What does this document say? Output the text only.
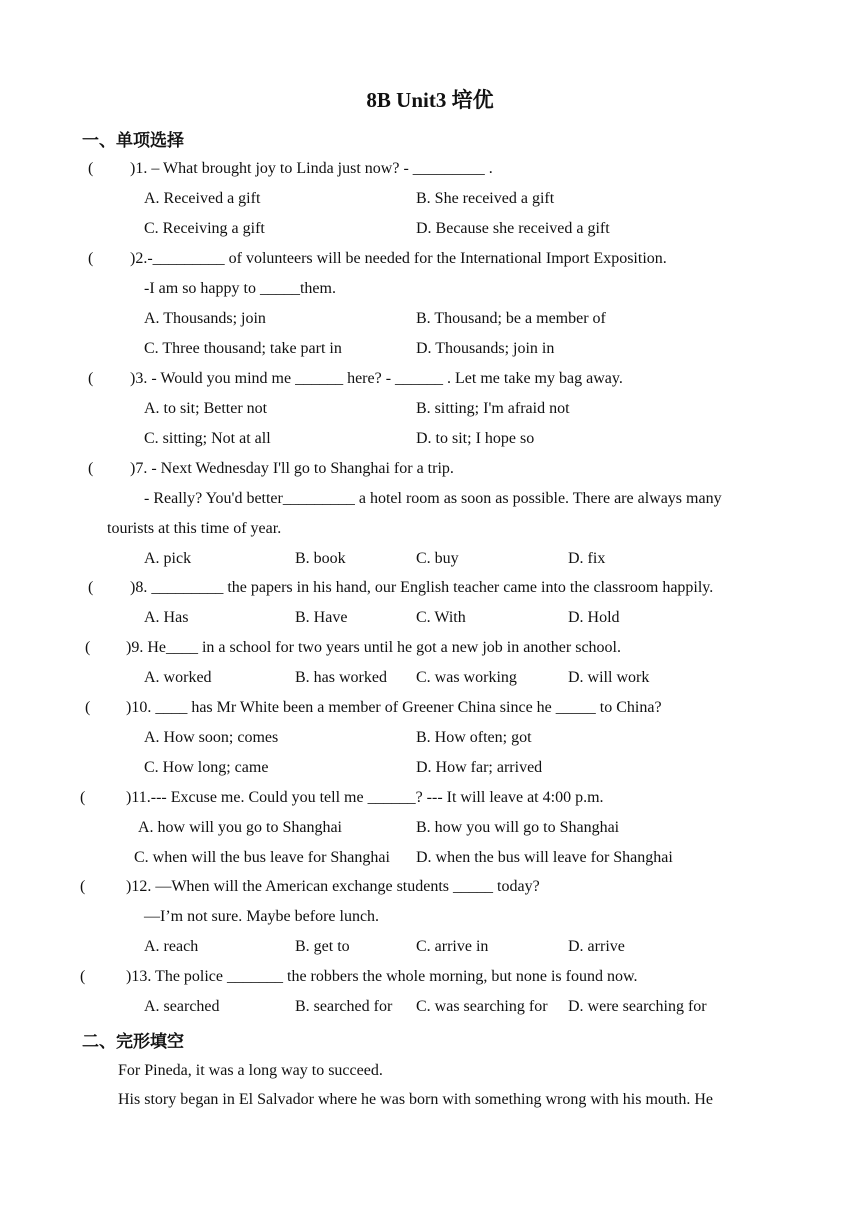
8B Unit3 培优
一、单项选择
( )1. – What brought joy to Linda just now? - _________ .
A. Received a gift	B. She received a gift
C. Receiving a gift	D. Because she received a gift
( )2.-_________ of volunteers will be needed for the International Import Exposition.
-I am so happy to _____them.
A. Thousands; join	B. Thousand; be a member of
C. Three thousand; take part in	D. Thousands; join in
( )3. - Would you mind me ______ here? - ______ . Let me take my bag away.
A. to sit; Better not	B. sitting; I'm afraid not
C. sitting; Not at all	D. to sit; I hope so
( )7. - Next Wednesday I'll go to Shanghai for a trip.
- Really? You'd better_________ a hotel room as soon as possible. There are always many
tourists at this time of year.
A. pick	B. book	C. buy	D. fix
( )8. _________ the papers in his hand, our English teacher came into the classroom happily.
A. Has	B. Have	C. With	D. Hold
( )9. He____ in a school for two years until he got a new job in another school.
A. worked	B. has worked C. was working	D. will work
( )10. ____ has Mr White been a member of Greener China since he _____ to China?
A. How soon; comes	B. How often; got
C. How long; came	D. How far; arrived
(	)11.--- Excuse me. Could you tell me ______? --- It will leave at 4:00 p.m.
A. how will you go to Shanghai	B. how you will go to Shanghai
C. when will the bus leave for Shanghai D. when the bus will leave for Shanghai
(	)12. —When will the American exchange students _____ today?
—I’m not sure. Maybe before lunch.
A. reach	B. get to	C. arrive in	D. arrive
(	)13. The police _______ the robbers the whole morning, but none is found now.
A. searched	B. searched for C. was searching for D. were searching for
二、完形填空
For Pineda, it was a long way to succeed.
His story began in El Salvador where he was born with something wrong with his mouth. He
